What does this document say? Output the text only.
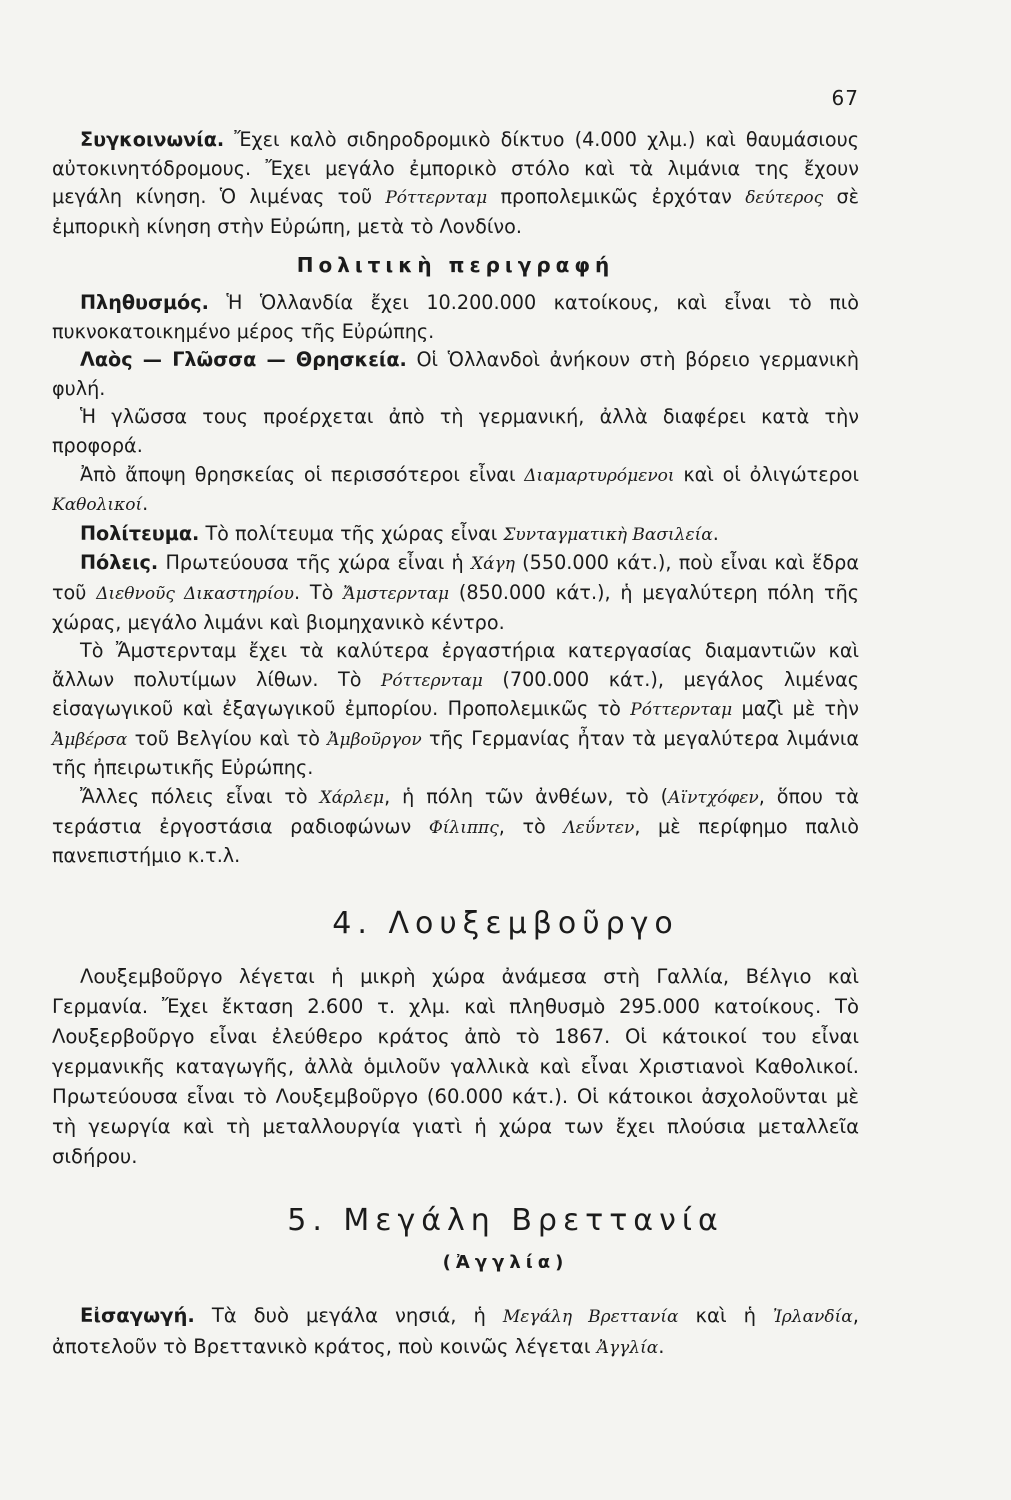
67

Συγκοινωνία. Ἔχει καλὸ σιδηροδρομικὸ δίκτυο (4.000 χλμ.) καὶ θαυμάσιους αὐτοκινητόδρομους. Ἔχει μεγάλο ἐμπορικὸ στόλο καὶ τὰ λιμάνια της ἔχουν μεγάλη κίνηση. Ὁ λιμένας τοῦ Ρόττερνταμ προπολεμικῶς ἐρχόταν δεύτερος σὲ ἐμπορικὴ κίνηση στὴν Εὐρώπη, μετὰ τὸ Λονδίνο.

Πολιτικὴ περιγραφή

Πληθυσμός. Ἡ Ὁλλανδία ἔχει 10.200.000 κατοίκους, καὶ εἶναι τὸ πιὸ πυκνοκατοικημένο μέρος τῆς Εὐρώπης.

Λαὸς — Γλῶσσα — Θρησκεία. Οἱ Ὁλλανδοὶ ἀνήκουν στὴ βόρειο γερμανικὴ φυλή.

Ἡ γλῶσσα τους προέρχεται ἀπὸ τὴ γερμανική, ἀλλὰ διαφέρει κατὰ τὴν προφορά.

Ἀπὸ ἄποψη θρησκείας οἱ περισσότεροι εἶναι Διαμαρτυρόμενοι καὶ οἱ ὀλιγώτεροι Καθολικοί.

Πολίτευμα. Τὸ πολίτευμα τῆς χώρας εἶναι Συνταγματικὴ Βασιλεία.

Πόλεις. Πρωτεύουσα τῆς χώρα εἶναι ἡ Χάγη (550.000 κάτ.), ποὺ εἶναι καὶ ἕδρα τοῦ Διεθνοῦς Δικαστηρίου. Τὸ Ἄμστερνταμ (850.000 κάτ.), ἡ μεγαλύτερη πόλη τῆς χώρας, μεγάλο λιμάνι καὶ βιομηχανικὸ κέντρο.

Τὸ Ἄμστερνταμ ἔχει τὰ καλύτερα ἐργαστήρια κατεργασίας διαμαντιῶν καὶ ἄλλων πολυτίμων λίθων. Τὸ Ρόττερνταμ (700.000 κάτ.), μεγάλος λιμένας εἰσαγωγικοῦ καὶ ἐξαγωγικοῦ ἐμπορίου. Προπολεμικῶς τὸ Ρόττερνταμ μαζὶ μὲ τὴν Ἀμβέρσα τοῦ Βελγίου καὶ τὸ Ἀμβοῦργον τῆς Γερμανίας ἦταν τὰ μεγαλύτερα λιμάνια τῆς ἠπειρωτικῆς Εὐρώπης.

Ἄλλες πόλεις εἶναι τὸ Χάρλεμ, ἡ πόλη τῶν ἀνθέων, τὸ (Αϊντχόφεν, ὅπου τὰ τεράστια ἐργοστάσια ραδιοφώνων Φίλιππς, τὸ Λεΰντεν, μὲ περίφημο παλιὸ πανεπιστήμιο κ.τ.λ.

4. Λουξεμβοῦργο

Λουξεμβοῦργο λέγεται ἡ μικρὴ χώρα ἀνάμεσα στὴ Γαλλία, Βέλγιο καὶ Γερμανία. Ἔχει ἔκταση 2.600 τ. χλμ. καὶ πληθυσμὸ 295.000 κατοίκους. Τὸ Λουξερβοῦργο εἶναι ἐλεύθερο κράτος ἀπὸ τὸ 1867. Οἱ κάτοικοί του εἶναι γερμανικῆς καταγωγῆς, ἀλλὰ ὁμιλοῦν γαλλικὰ καὶ εἶναι Χριστιανοὶ Καθολικοί. Πρωτεύουσα εἶναι τὸ Λουξεμβοῦργο (60.000 κάτ.). Οἱ κάτοικοι ἀσχολοῦνται μὲ τὴ γεωργία καὶ τὴ μεταλλουργία γιατὶ ἡ χώρα των ἔχει πλούσια μεταλλεῖα σιδήρου.

5. Μεγάλη Βρεττανία
(Ἀγγλία)

Εἰσαγωγή. Τὰ δυὸ μεγάλα νησιά, ἡ Μεγάλη Βρεττανία καὶ ἡ Ἰρλανδία, ἀποτελοῦν τὸ Βρεττανικὸ κράτος, ποὺ κοινῶς λέγεται Ἀγγλία.
